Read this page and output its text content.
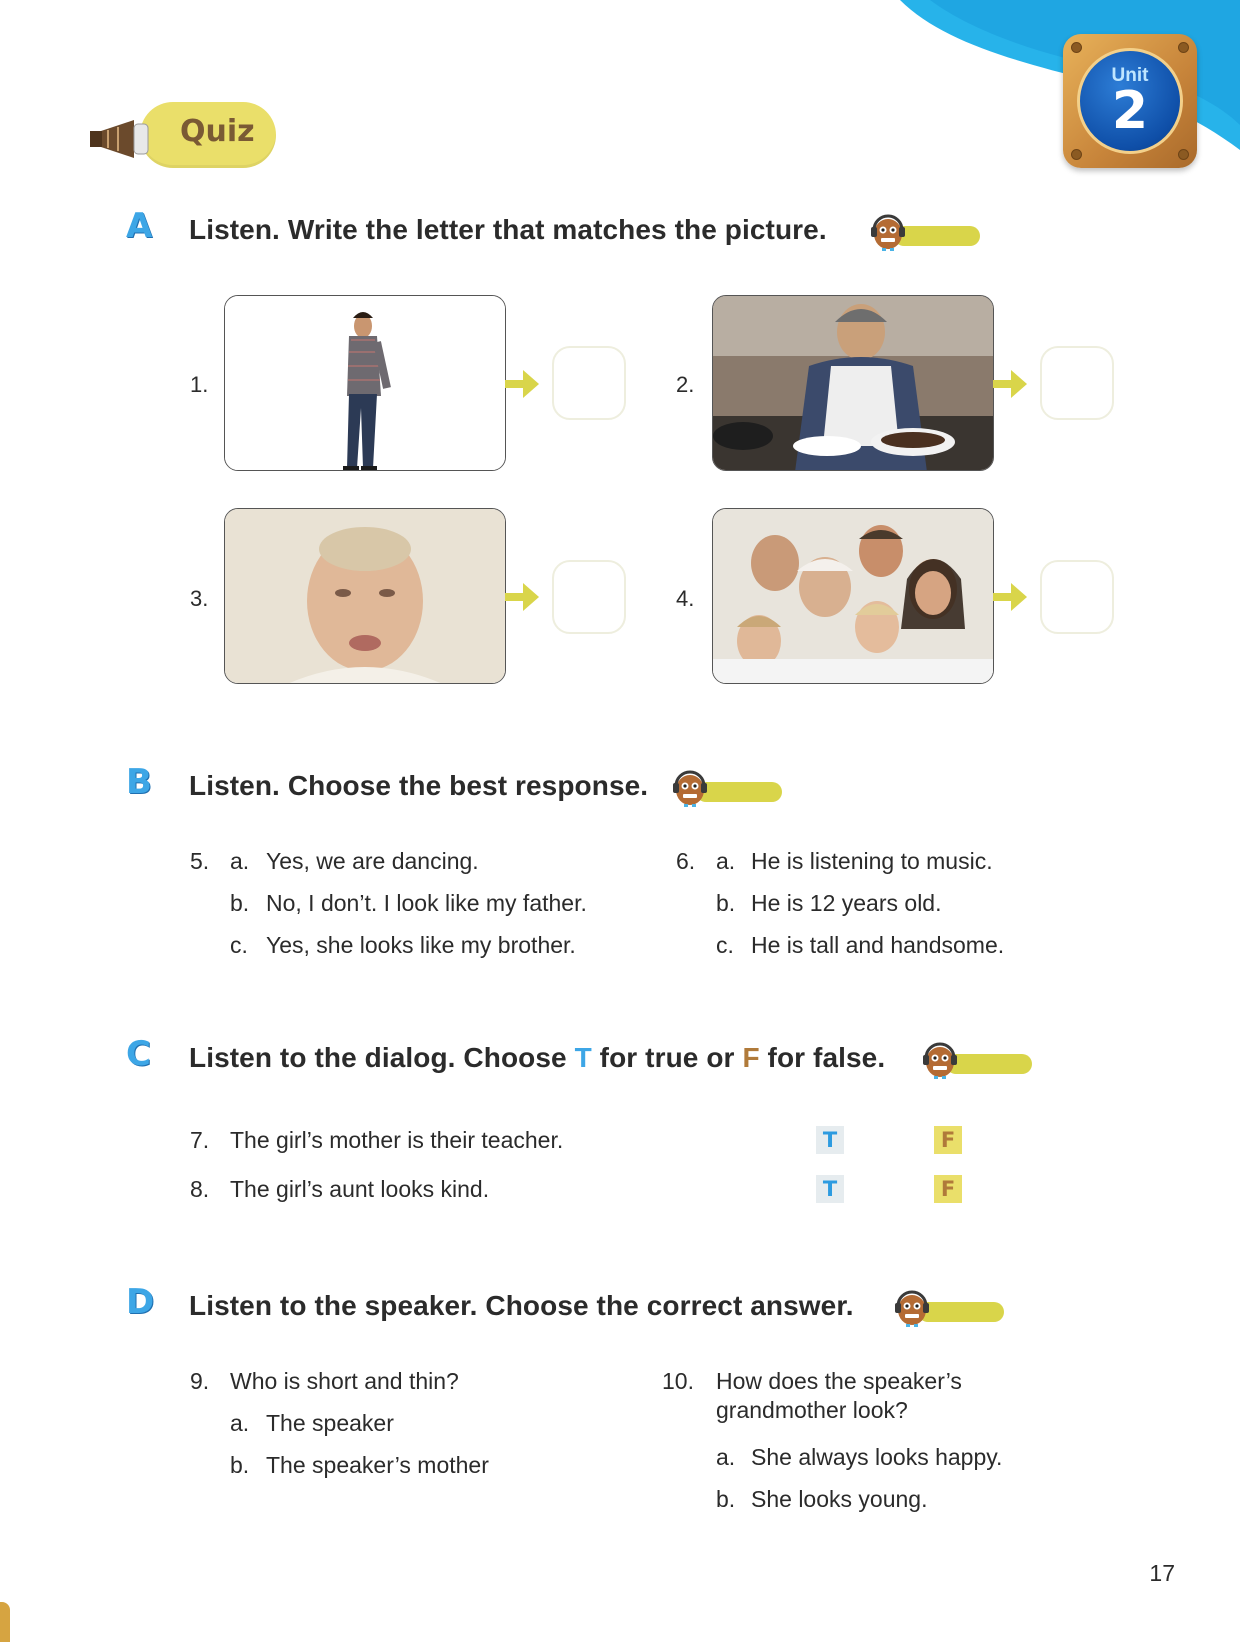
Unit
2
Quiz
A Listen. Write the letter that matches the picture.
1.	2.
3.	4.
B Listen. Choose the best response.
5. a. Yes, we are dancing.
b. No, I don’t. I look like my father.
c. Yes, she looks like my brother.
6. a. He is listening to music.
b. He is 12 years old.
c. He is tall and handsome.
C Listen to the dialog. Choose T for true or F for false.
7. The girl’s mother is their teacher.	T	F
8. The girl’s aunt looks kind.	T	F
D Listen to the speaker. Choose the correct answer.
9. Who is short and thin?
a. The speaker
b. The speaker’s mother
10. How does the speaker’s
grandmother look?
a. She always looks happy.
b. She looks young.
17
